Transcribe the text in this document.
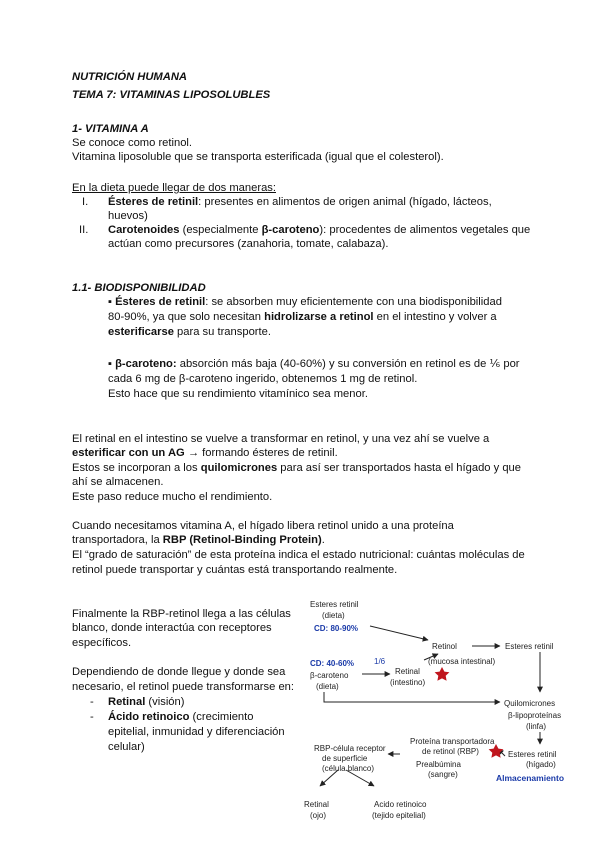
NUTRICIÓN HUMANA
TEMA 7: VITAMINAS LIPOSOLUBLES
1- VITAMINA A
Se conoce como retinol.
Vitamina liposoluble que se transporta esterificada (igual que el colesterol).
En la dieta puede llegar de dos maneras:
I. Ésteres de retinil: presentes en alimentos de origen animal (hígado, lácteos,
huevos)
II. Carotenoides (especialmente β-caroteno): procedentes de alimentos vegetales que
actúan como precursores (zanahoria, tomate, calabaza).
1.1- BIODISPONIBILIDAD
▪ Ésteres de retinil: se absorben muy eficientemente con una biodisponibilidad
80-90%, ya que solo necesitan hidrolizarse a retinol en el intestino y volver a
esterificarse para su transporte.
▪ β-caroteno: absorción más baja (40-60%) y su conversión en retinol es de ⅙ por
cada 6 mg de β-caroteno ingerido, obtenemos 1 mg de retinol.
Esto hace que su rendimiento vitamínico sea menor.
El retinal en el intestino se vuelve a transformar en retinol, y una vez ahí se vuelve a
esterificar con un AG → formando ésteres de retinil.
Estos se incorporan a los quilomicrones para así ser transportados hasta el hígado y que
ahí se almacenen.
Este paso reduce mucho el rendimiento.
Cuando necesitamos vitamina A, el hígado libera retinol unido a una proteína
transportadora, la RBP (Retinol-Binding Protein).
El “grado de saturación” de esta proteína indica el estado nutricional: cuántas moléculas de
retinol puede transportar y cuántas está transportando realmente.
Finalmente la RBP-retinol llega a las células
blanco, donde interactúa con receptores
específicos.
Dependiendo de donde llegue y donde sea
necesario, el retinol puede transformarse en:
- Retinal (visión)
- Ácido retinoico (crecimiento
epitelial, inmunidad y diferenciación
celular)
Esteres retinil
(dieta)
CD: 80-90%
Retinol
(mucosa intestinal)
Esteres retinil
CD: 40-60% 1/6
β-caroteno
(dieta)
Retinal
(intestino)
Quilomicrones
β-lipoproteínas
(linfa)
Proteína transportadora
de retinol (RBP)
Prealbúmina
(sangre)
Esteres retinil
(hígado)
Almacenamiento
RBP-célula receptor
de superficie
(célula blanco)
Retinal
(ojo)
Acido retinoico
(tejido epitelial)
